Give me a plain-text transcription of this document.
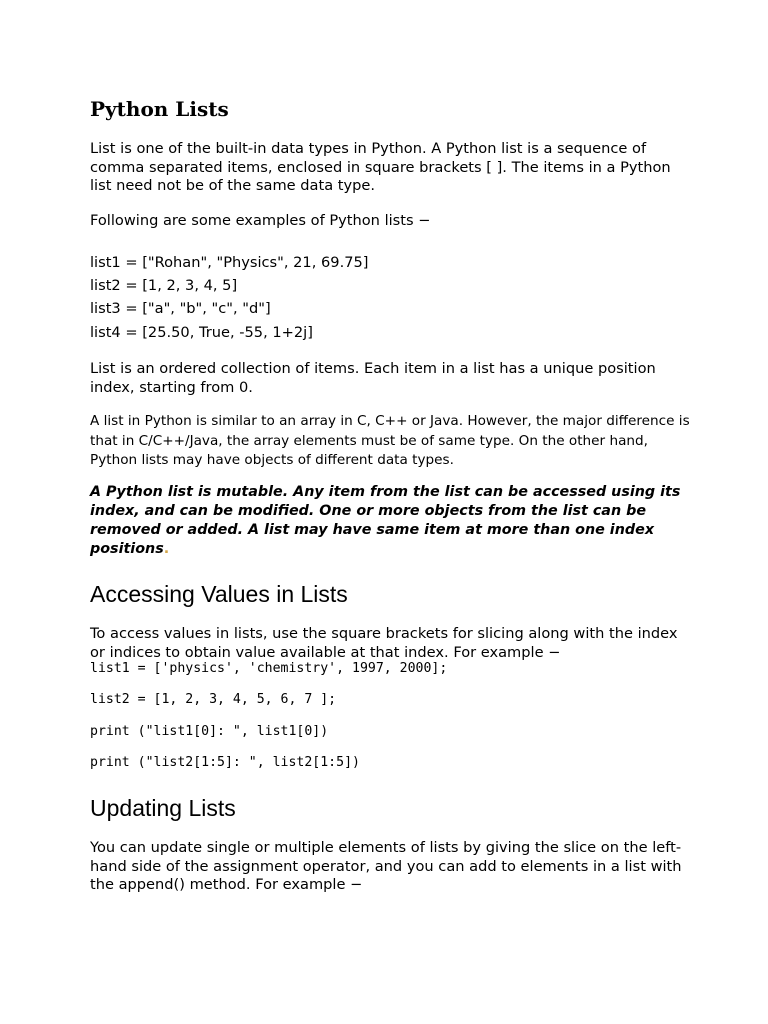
Python Lists

List is one of the built-in data types in Python. A Python list is a sequence of comma separated items, enclosed in square brackets [ ]. The items in a Python list need not be of the same data type.

Following are some examples of Python lists −

list1 = ["Rohan", "Physics", 21, 69.75]

list2 = [1, 2, 3, 4, 5]

list3 = ["a", "b", "c", "d"]

list4 = [25.50, True, -55, 1+2j]

List is an ordered collection of items. Each item in a list has a unique position index, starting from 0.

A list in Python is similar to an array in C, C++ or Java. However, the major difference is that in C/C++/Java, the array elements must be of same type. On the other hand, Python lists may have objects of different data types.

A Python list is mutable. Any item from the list can be accessed using its index, and can be modified. One or more objects from the list can be removed or added. A list may have same item at more than one index positions.

Accessing Values in Lists

To access values in lists, use the square brackets for slicing along with the index or indices to obtain value available at that index. For example −

list1 = ['physics', 'chemistry', 1997, 2000];

list2 = [1, 2, 3, 4, 5, 6, 7 ];

print ("list1[0]: ", list1[0])

print ("list2[1:5]: ", list2[1:5])

Updating Lists

You can update single or multiple elements of lists by giving the slice on the left-hand side of the assignment operator, and you can add to elements in a list with the append() method. For example −
